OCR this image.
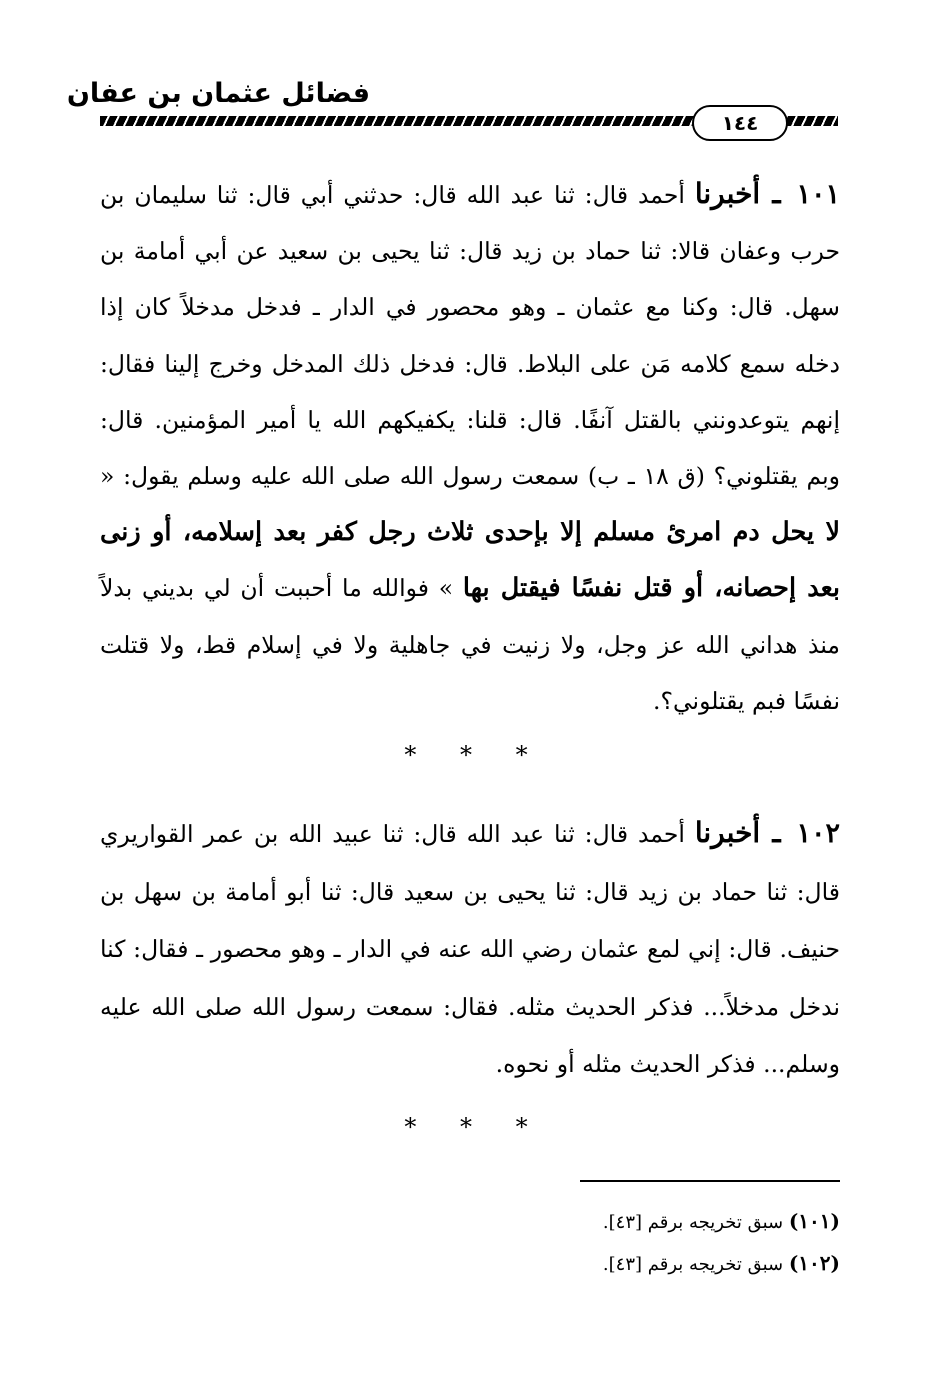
فضائل عثمان بن عفان
١٤٤
١٠١ ـ أخبرنا أحمد قال: ثنا عبد الله قال: حدثني أبي قال: ثنا سليمان بن حرب وعفان قالا: ثنا حماد بن زيد قال: ثنا يحيى بن سعيد عن أبي أمامة بن سهل. قال: وكنا مع عثمان ـ وهو محصور في الدار ـ فدخل مدخلاً كان إذا دخله سمع كلامه مَن على البلاط. قال: فدخل ذلك المدخل وخرج إلينا فقال: إنهم يتوعدونني بالقتل آنفًا. قال: قلنا: يكفيكهم الله يا أمير المؤمنين. قال: وبم يقتلوني؟ (ق ١٨ ـ ب) سمعت رسول الله صلى الله عليه وسلم يقول: « لا يحل دم امرئ مسلم إلا بإحدى ثلاث رجل كفر بعد إسلامه، أو زنى بعد إحصانه، أو قتل نفسًا فيقتل بها » فوالله ما أحببت أن لي بديني بدلاً منذ هداني الله عز وجل، ولا زنيت في جاهلية ولا في إسلام قط، ولا قتلت نفسًا فبم يقتلوني؟.
* * *
١٠٢ ـ أخبرنا أحمد قال: ثنا عبد الله قال: ثنا عبيد الله بن عمر القواريري قال: ثنا حماد بن زيد قال: ثنا يحيى بن سعيد قال: ثنا أبو أمامة بن سهل بن حنيف. قال: إني لمع عثمان رضي الله عنه في الدار ـ وهو محصور ـ فقال: كنا ندخل مدخلاً... فذكر الحديث مثله. فقال: سمعت رسول الله صلى الله عليه وسلم... فذكر الحديث مثله أو نحوه.
* * *
(١٠١) سبق تخريجه برقم [٤٣].
(١٠٢) سبق تخريجه برقم [٤٣].
